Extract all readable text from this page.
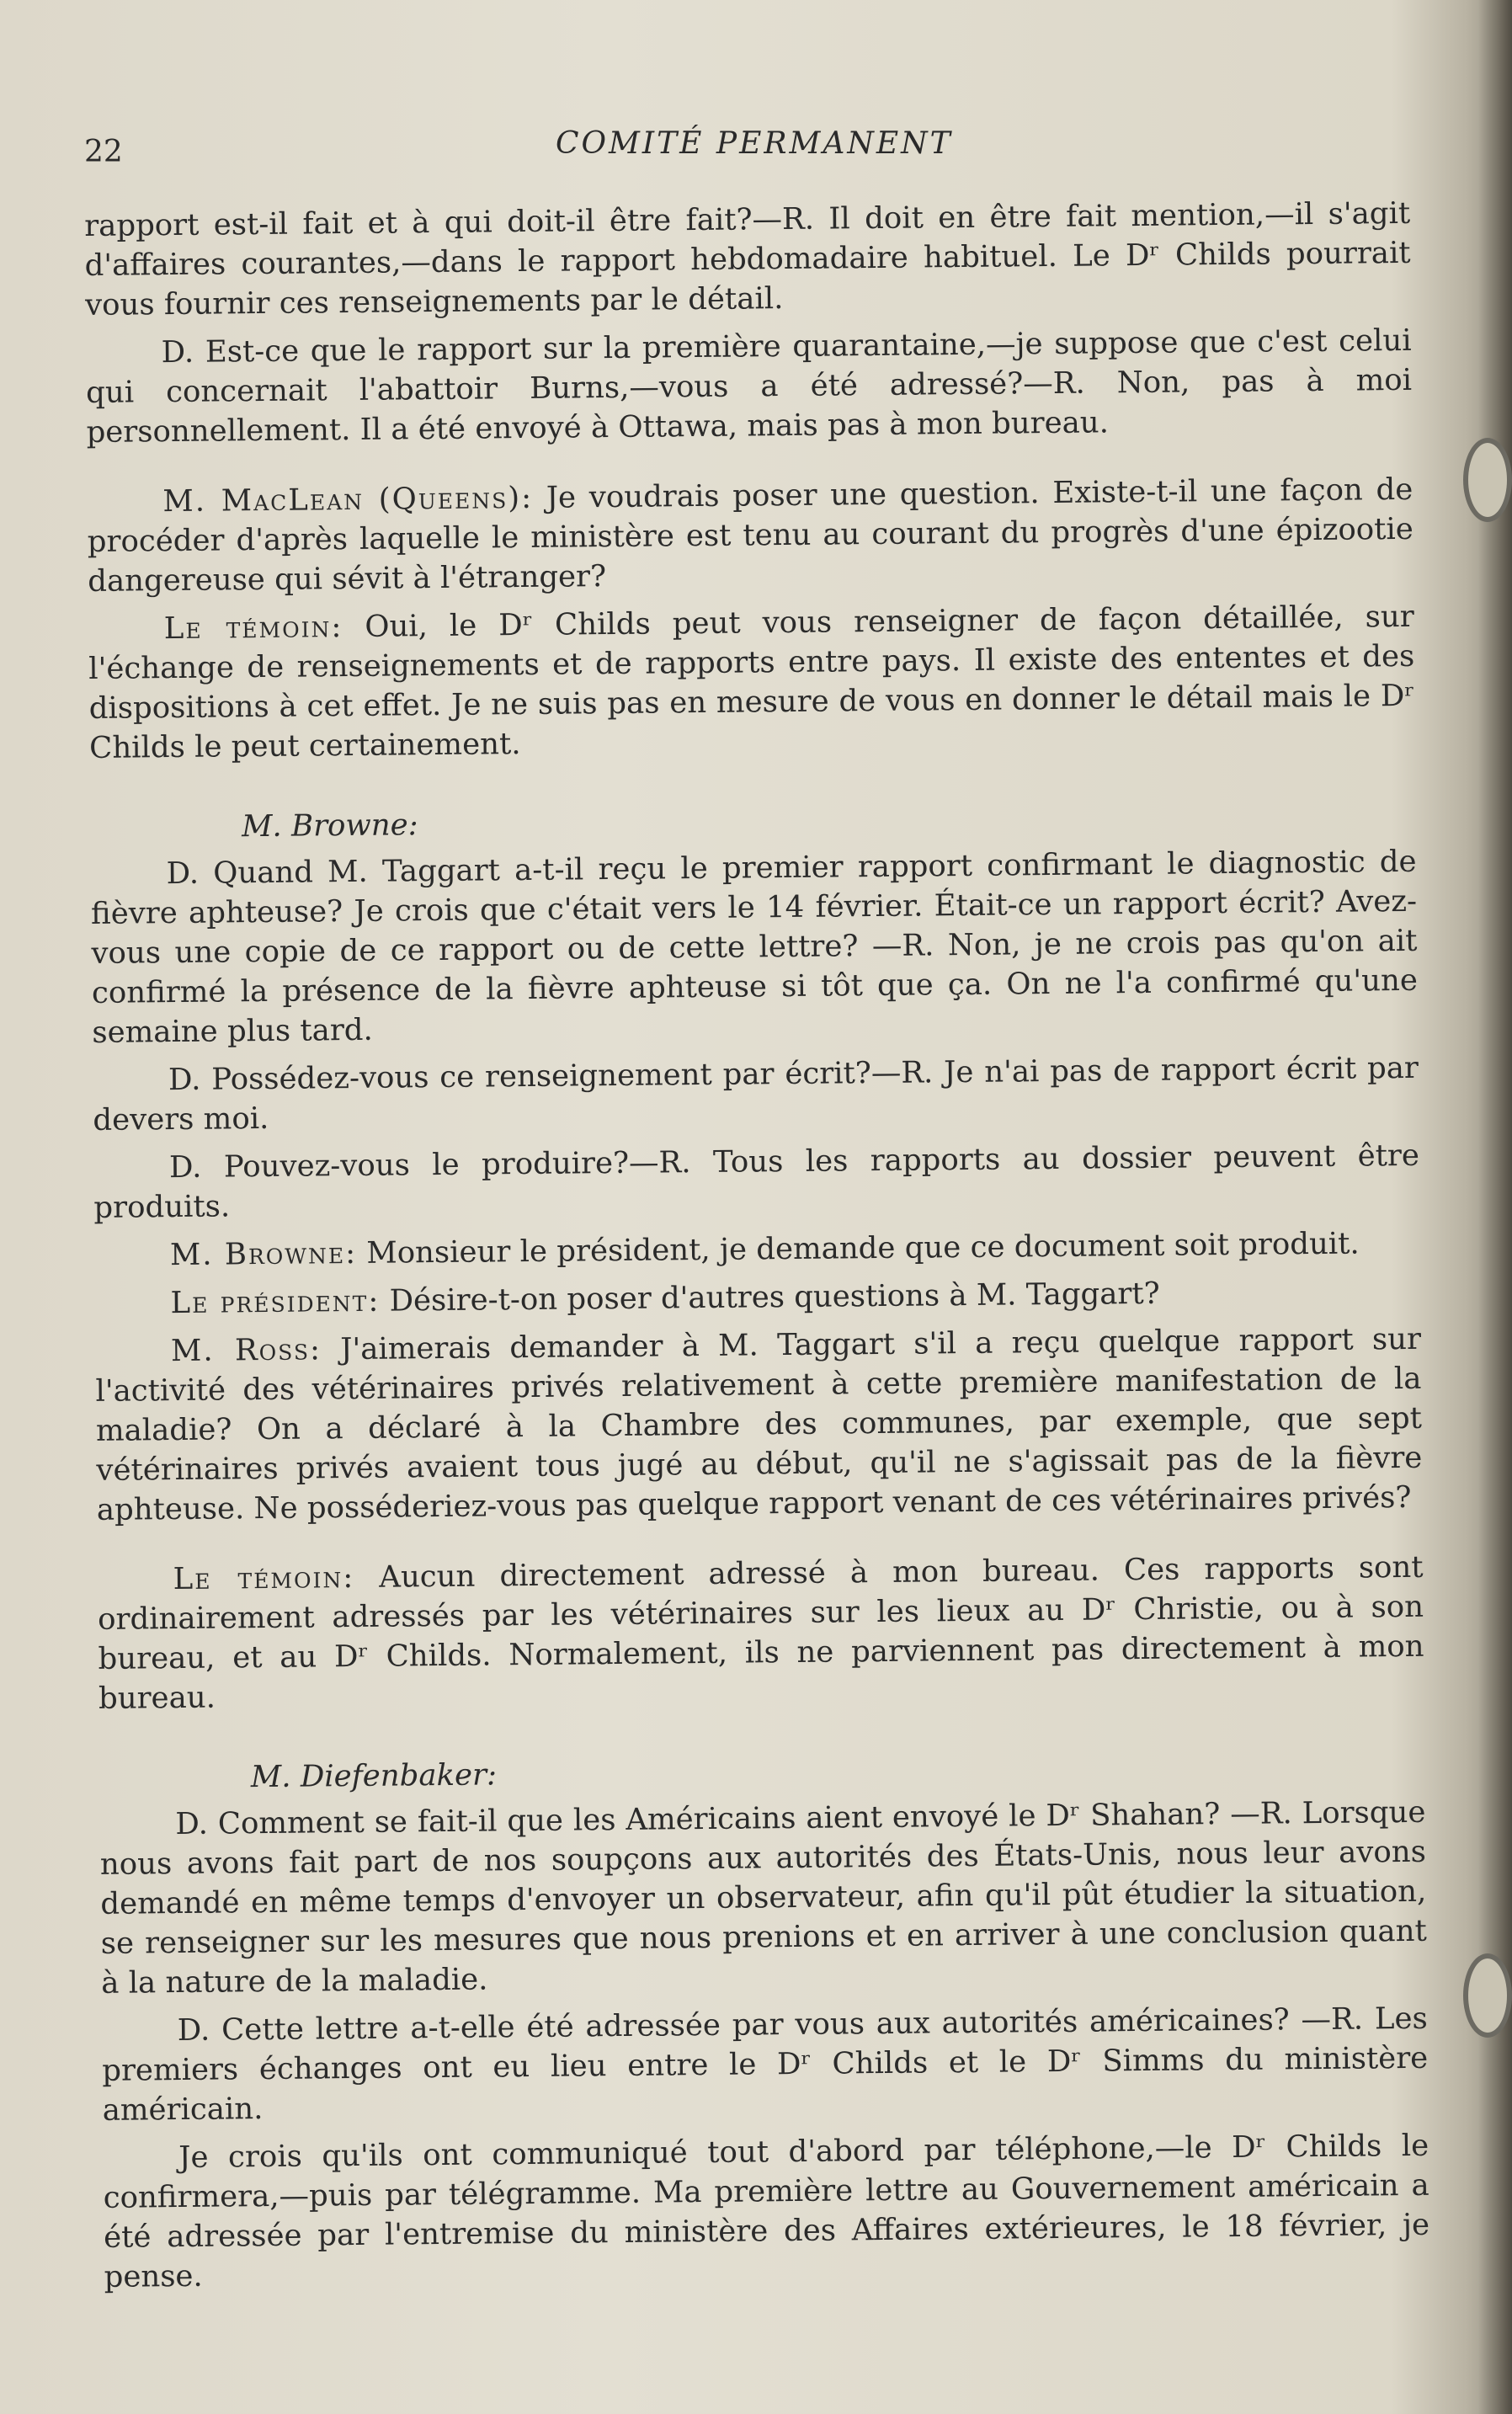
22	COMITÉ PERMANENT

rapport est-il fait et à qui doit-il être fait?—R. Il doit en être fait mention,—il s'agit d'affaires courantes,—dans le rapport hebdomadaire habituel. Le Dʳ Childs pourrait vous fournir ces renseignements par le détail.

D. Est-ce que le rapport sur la première quarantaine,—je suppose que c'est celui qui concernait l'abattoir Burns,—vous a été adressé?—R. Non, pas à moi personnellement. Il a été envoyé à Ottawa, mais pas à mon bureau.

M. MacLean (Queens): Je voudrais poser une question. Existe-t-il une façon de procéder d'après laquelle le ministère est tenu au courant du progrès d'une épizootie dangereuse qui sévit à l'étranger?

Le témoin: Oui, le Dʳ Childs peut vous renseigner de façon détaillée, sur l'échange de renseignements et de rapports entre pays. Il existe des ententes et des dispositions à cet effet. Je ne suis pas en mesure de vous en donner le détail mais le Dʳ Childs le peut certainement.

M. Browne:

D. Quand M. Taggart a-t-il reçu le premier rapport confirmant le diagnostic de fièvre aphteuse? Je crois que c'était vers le 14 février. Était-ce un rapport écrit? Avez-vous une copie de ce rapport ou de cette lettre? —R. Non, je ne crois pas qu'on ait confirmé la présence de la fièvre aphteuse si tôt que ça. On ne l'a confirmé qu'une semaine plus tard.

D. Possédez-vous ce renseignement par écrit?—R. Je n'ai pas de rapport écrit par devers moi.

D. Pouvez-vous le produire?—R. Tous les rapports au dossier peuvent être produits.

M. Browne: Monsieur le président, je demande que ce document soit produit.

Le président: Désire-t-on poser d'autres questions à M. Taggart?

M. Ross: J'aimerais demander à M. Taggart s'il a reçu quelque rapport sur l'activité des vétérinaires privés relativement à cette première manifestation de la maladie? On a déclaré à la Chambre des communes, par exemple, que sept vétérinaires privés avaient tous jugé au début, qu'il ne s'agissait pas de la fièvre aphteuse. Ne posséderiez-vous pas quelque rapport venant de ces vétérinaires privés?

Le témoin: Aucun directement adressé à mon bureau. Ces rapports sont ordinairement adressés par les vétérinaires sur les lieux au Dʳ Christie, ou à son bureau, et au Dʳ Childs. Normalement, ils ne parviennent pas directement à mon bureau.

M. Diefenbaker:

D. Comment se fait-il que les Américains aient envoyé le Dʳ Shahan? —R. Lorsque nous avons fait part de nos soupçons aux autorités des États-Unis, nous leur avons demandé en même temps d'envoyer un observateur, afin qu'il pût étudier la situation, se renseigner sur les mesures que nous prenions et en arriver à une conclusion quant à la nature de la maladie.

D. Cette lettre a-t-elle été adressée par vous aux autorités américaines? —R. Les premiers échanges ont eu lieu entre le Dʳ Childs et le Dʳ Simms du ministère américain.

Je crois qu'ils ont communiqué tout d'abord par téléphone,—le Dʳ Childs le confirmera,—puis par télégramme. Ma première lettre au Gouvernement américain a été adressée par l'entremise du ministère des Affaires extérieures, le 18 février, je pense.
